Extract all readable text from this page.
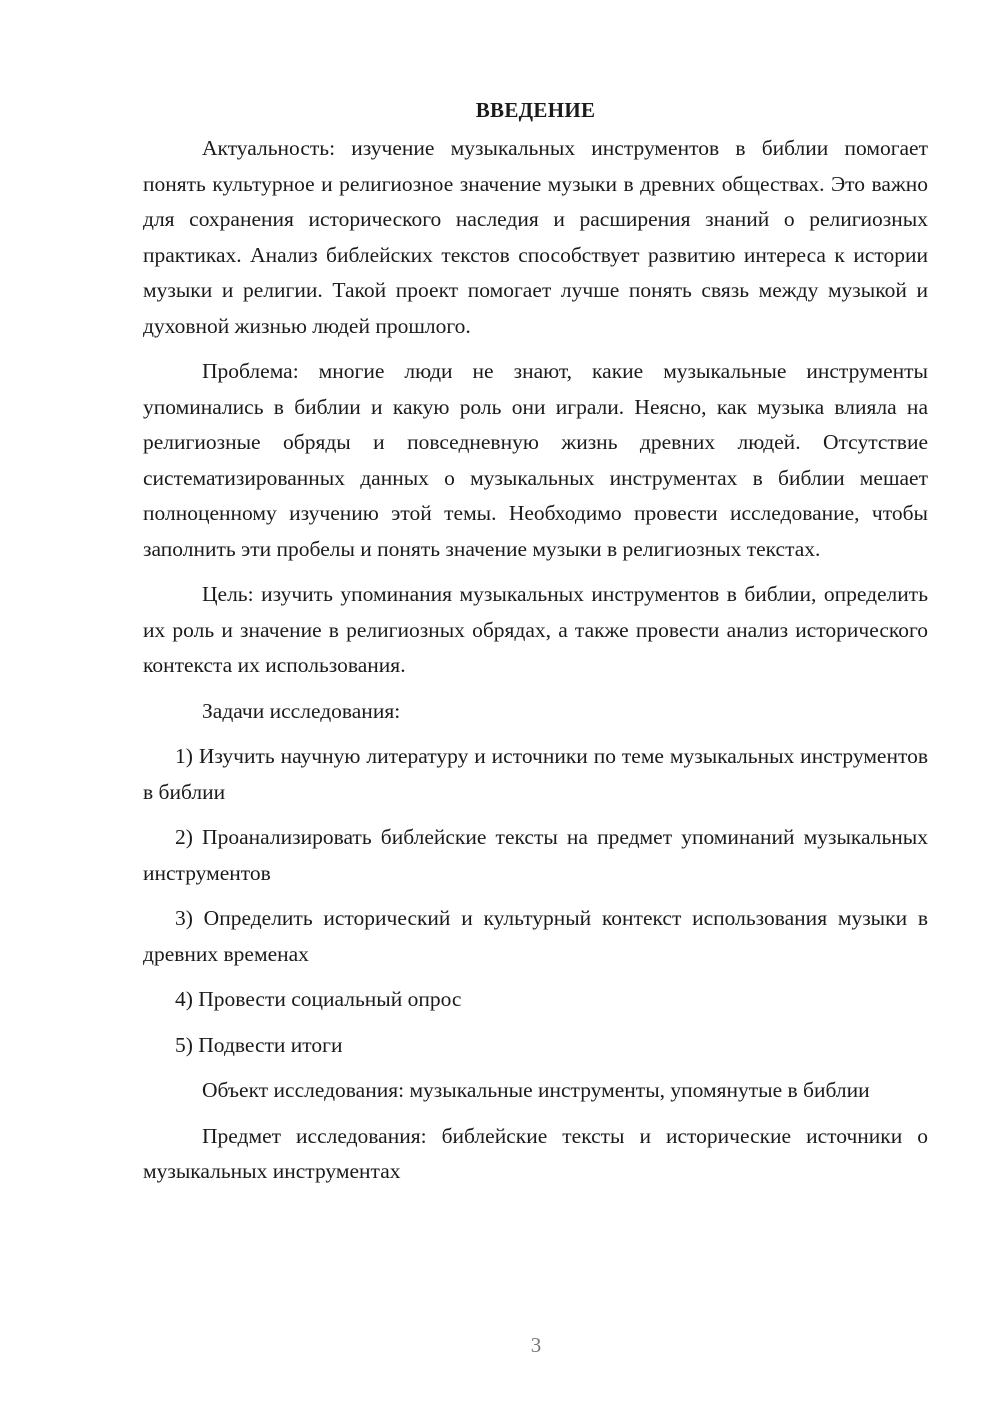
ВВЕДЕНИЕ

Актуальность: изучение музыкальных инструментов в библии помогает понять культурное и религиозное значение музыки в древних обществах. Это важно для сохранения исторического наследия и расширения знаний о религиозных практиках. Анализ библейских текстов способствует развитию интереса к истории музыки и религии. Такой проект помогает лучше понять связь между музыкой и духовной жизнью людей прошлого.

Проблема: многие люди не знают, какие музыкальные инструменты упоминались в библии и какую роль они играли. Неясно, как музыка влияла на религиозные обряды и повседневную жизнь древних людей. Отсутствие систематизированных данных о музыкальных инструментах в библии мешает полноценному изучению этой темы. Необходимо провести исследование, чтобы заполнить эти пробелы и понять значение музыки в религиозных текстах.

Цель: изучить упоминания музыкальных инструментов в библии, определить их роль и значение в религиозных обрядах, а также провести анализ исторического контекста их использования.

Задачи исследования:

1) Изучить научную литературу и источники по теме музыкальных инструментов в библии
2) Проанализировать библейские тексты на предмет упоминаний музыкальных инструментов
3) Определить исторический и культурный контекст использования музыки в древних временах
4) Провести социальный опрос
5) Подвести итоги

Объект исследования: музыкальные инструменты, упомянутые в библии

Предмет исследования: библейские тексты и исторические источники о музыкальных инструментах

3
